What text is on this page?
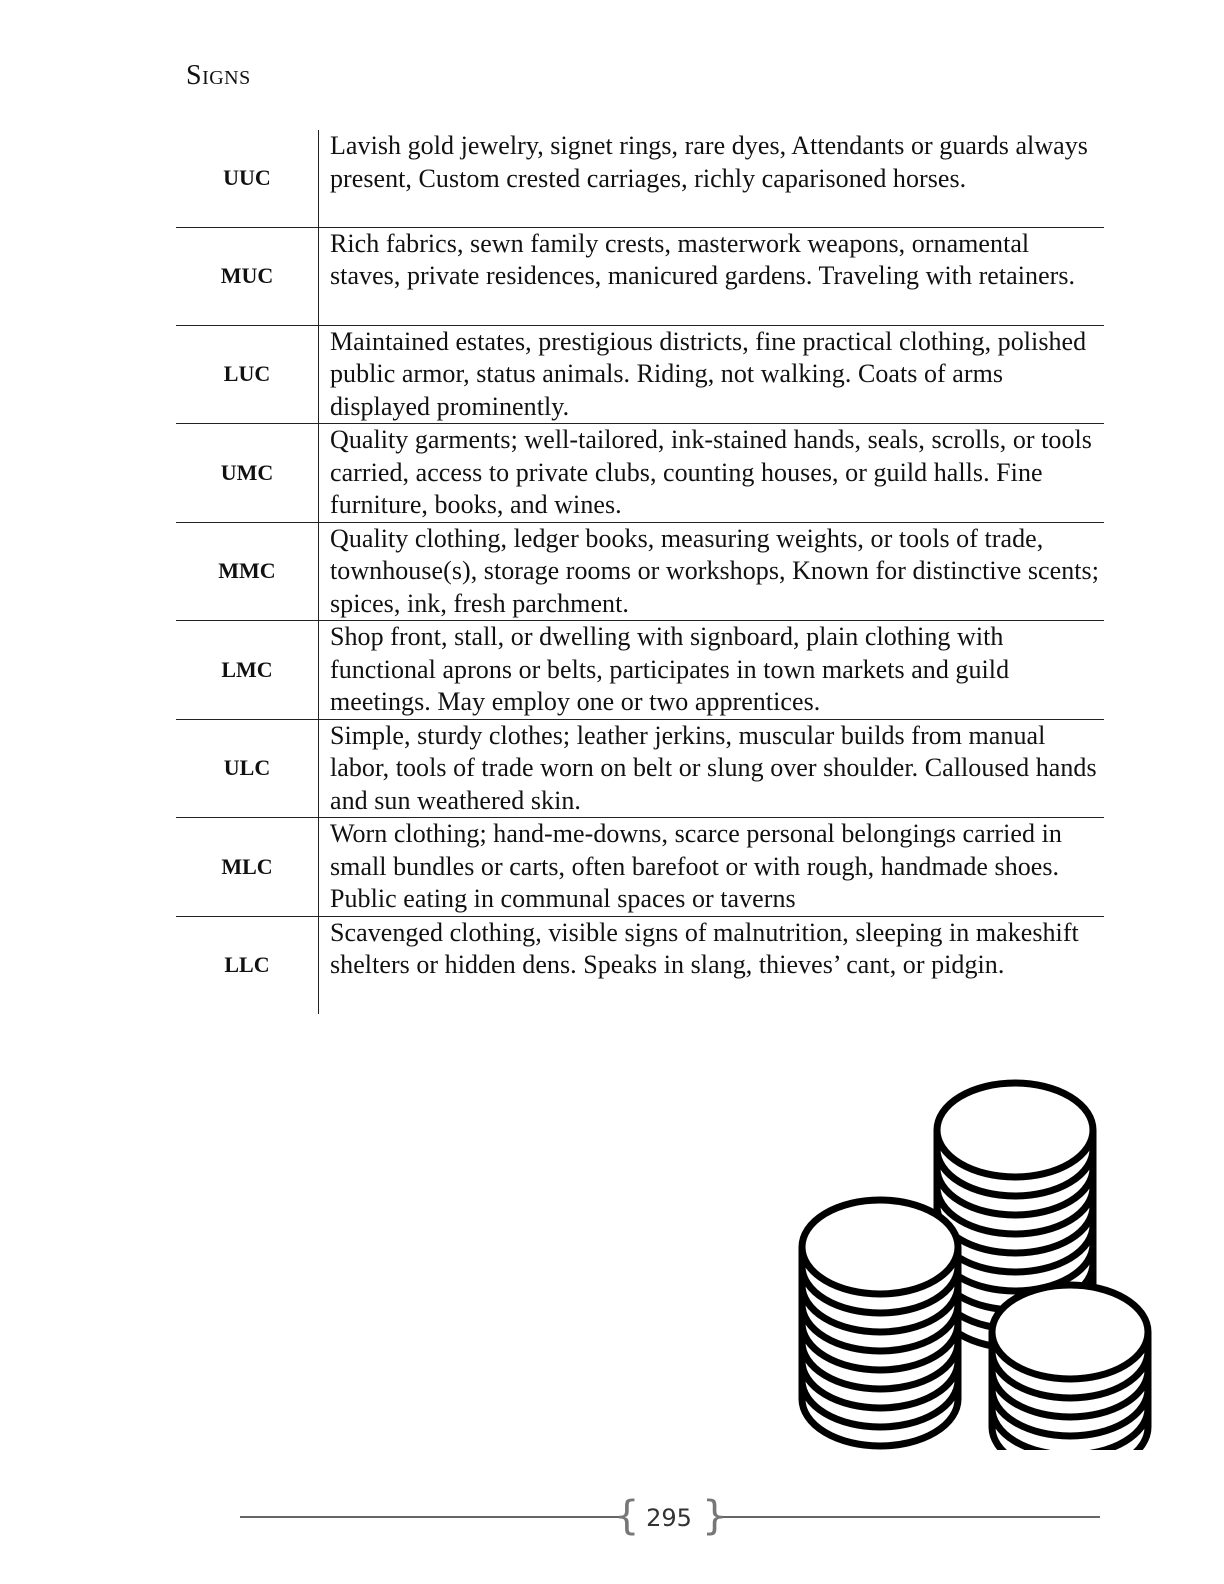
Signs
UUC	Lavish gold jewelry, signet rings, rare dyes, Attendants or guards always present, Custom crested carriages, richly caparisoned horses.
MUC	Rich fabrics, sewn family crests, masterwork weapons, ornamental staves, private residences, manicured gardens. Traveling with retainers.
LUC	Maintained estates, prestigious districts, fine practical clothing, polished public armor, status animals. Riding, not walking. Coats of arms displayed prominently.
UMC	Quality garments; well-tailored, ink-stained hands, seals, scrolls, or tools carried, access to private clubs, counting houses, or guild halls. Fine furniture, books, and wines.
MMC	Quality clothing, ledger books, measuring weights, or tools of trade, townhouse(s), storage rooms or workshops, Known for distinctive scents; spices, ink, fresh parchment.
LMC	Shop front, stall, or dwelling with signboard, plain clothing with functional aprons or belts, participates in town markets and guild meetings. May employ one or two apprentices.
ULC	Simple, sturdy clothes; leather jerkins, muscular builds from manual labor, tools of trade worn on belt or slung over shoulder. Calloused hands and sun weathered skin.
MLC	Worn clothing; hand-me-downs, scarce personal belongings carried in small bundles or carts, often barefoot or with rough, handmade shoes. Public eating in communal spaces or taverns
LLC	Scavenged clothing, visible signs of malnutrition, sleeping in makeshift shelters or hidden dens. Speaks in slang, thieves’ cant, or pidgin.
{ }
295
